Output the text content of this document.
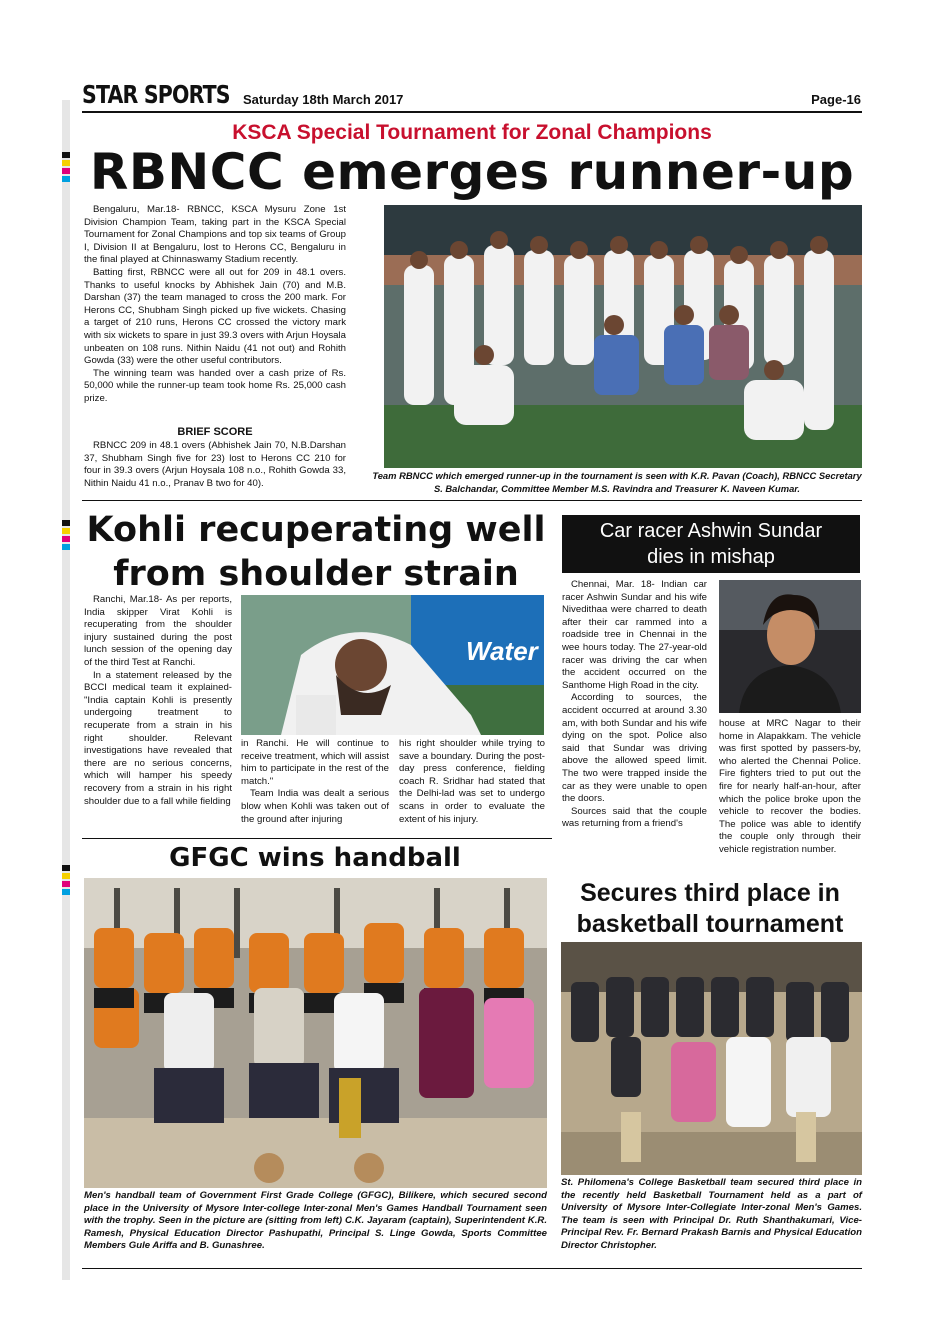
STAR SPORTS Saturday 18th March 2017	Page-16
KSCA Special Tournament for Zonal Champions
RBNCC emerges runner-up

Bengaluru, Mar.18- RBNCC, KSCA Mysuru Zone 1st Division Champion Team, taking part in the KSCA Special Tournament for Zonal Champions and top six teams of Group I, Division II at Bengaluru, lost to Herons CC, Bengaluru in the final played at Chinnaswamy Stadium recently.

Batting first, RBNCC were all out for 209 in 48.1 overs. Thanks to useful knocks by Abhishek Jain (70) and M.B. Darshan (37) the team managed to cross the 200 mark. For Herons CC, Shubham Singh picked up five wickets. Chasing a target of 210 runs, Herons CC crossed the victory mark with six wickets to spare in just 39.3 overs with Arjun Hoysala unbeaten on 108 runs. Nithin Naidu (41 not out) and Rohith Gowda (33) were the other useful contributors.

The winning team was handed over a cash prize of Rs. 50,000 while the runner-up team took home Rs. 25,000 cash prize.

BRIEF SCORE

RBNCC 209 in 48.1 overs (Abhishek Jain 70, N.B.Darshan 37, Shubham Singh five for 23) lost to Herons CC 210 for four in 39.3 overs (Arjun Hoysala 108 n.o., Rohith Gowda 33, Nithin Naidu 41 n.o., Pranav B two for 40).

Team RBNCC which emerged runner-up in the tournament is seen with K.R. Pavan (Coach), RBNCC Secretary S. Balchandar, Committee Member M.S. Ravindra and Treasurer K. Naveen Kumar.
Kohli recuperating well
from shoulder strain

Ranchi, Mar.18- As per reports, India skipper Virat Kohli is recuperating from the shoulder injury sustained during the post lunch session of the opening day of the third Test at Ranchi.

In a statement released by the BCCI medical team it explained- "India captain Kohli is presently undergoing treatment to recuperate from a strain in his right shoulder. Relevant investigations have revealed that there are no serious concerns, which will hamper his speedy recovery from a strain in his right shoulder due to a fall while fielding

Water

in Ranchi. He will continue to receive treatment, which will assist him to participate in the rest of the match."

Team India was dealt a serious blow when Kohli was taken out of the ground after injuring

his right shoulder while trying to save a boundary. During the post-day press conference, fielding coach R. Sridhar had stated that the Delhi-lad was set to undergo scans in order to evaluate the extent of his injury.

Car racer Ashwin Sundar
dies in mishap

Chennai, Mar. 18- Indian car racer Ashwin Sundar and his wife Nivedithaa were charred to death after their car rammed into a roadside tree in Chennai in the wee hours today. The 27-year-old racer was driving the car when the accident occurred on the Santhome High Road in the city.

According to sources, the accident occurred at around 3.30 am, with both Sundar and his wife dying on the spot. Police also said that Sundar was driving above the allowed speed limit. The two were trapped inside the car as they were unable to open the doors.

Sources said that the couple was returning from a friend's

house at MRC Nagar to their home in Alapakkam. The vehicle was first spotted by passers-by, who alerted the Chennai Police. Fire fighters tried to put out the fire for nearly half-an-hour, after which the police broke upon the vehicle to recover the bodies. The police was able to identify the couple only through their vehicle registration number.

GFGC wins handball
Men's handball team of Government First Grade College (GFGC), Bilikere, which secured second place in the University of Mysore Inter-college Inter-zonal Men's Games Handball Tournament seen with the trophy. Seen in the picture are (sitting from left) C.K. Jayaram (captain), Superintendent K.R. Ramesh, Physical Education Director Pashupathi, Principal S. Linge Gowda, Sports Committee Members Gule Ariffa and B. Gunashree.
Secures third place in
basketball tournament
St. Philomena's College Basketball team secured third place in the recently held Basketball Tournament held as a part of University of Mysore Inter-Collegiate Inter-zonal Men's Games. The team is seen with Principal Dr. Ruth Shanthakumari, Vice-Principal Rev. Fr. Bernard Prakash Barnis and Physical Education Director Christopher.
